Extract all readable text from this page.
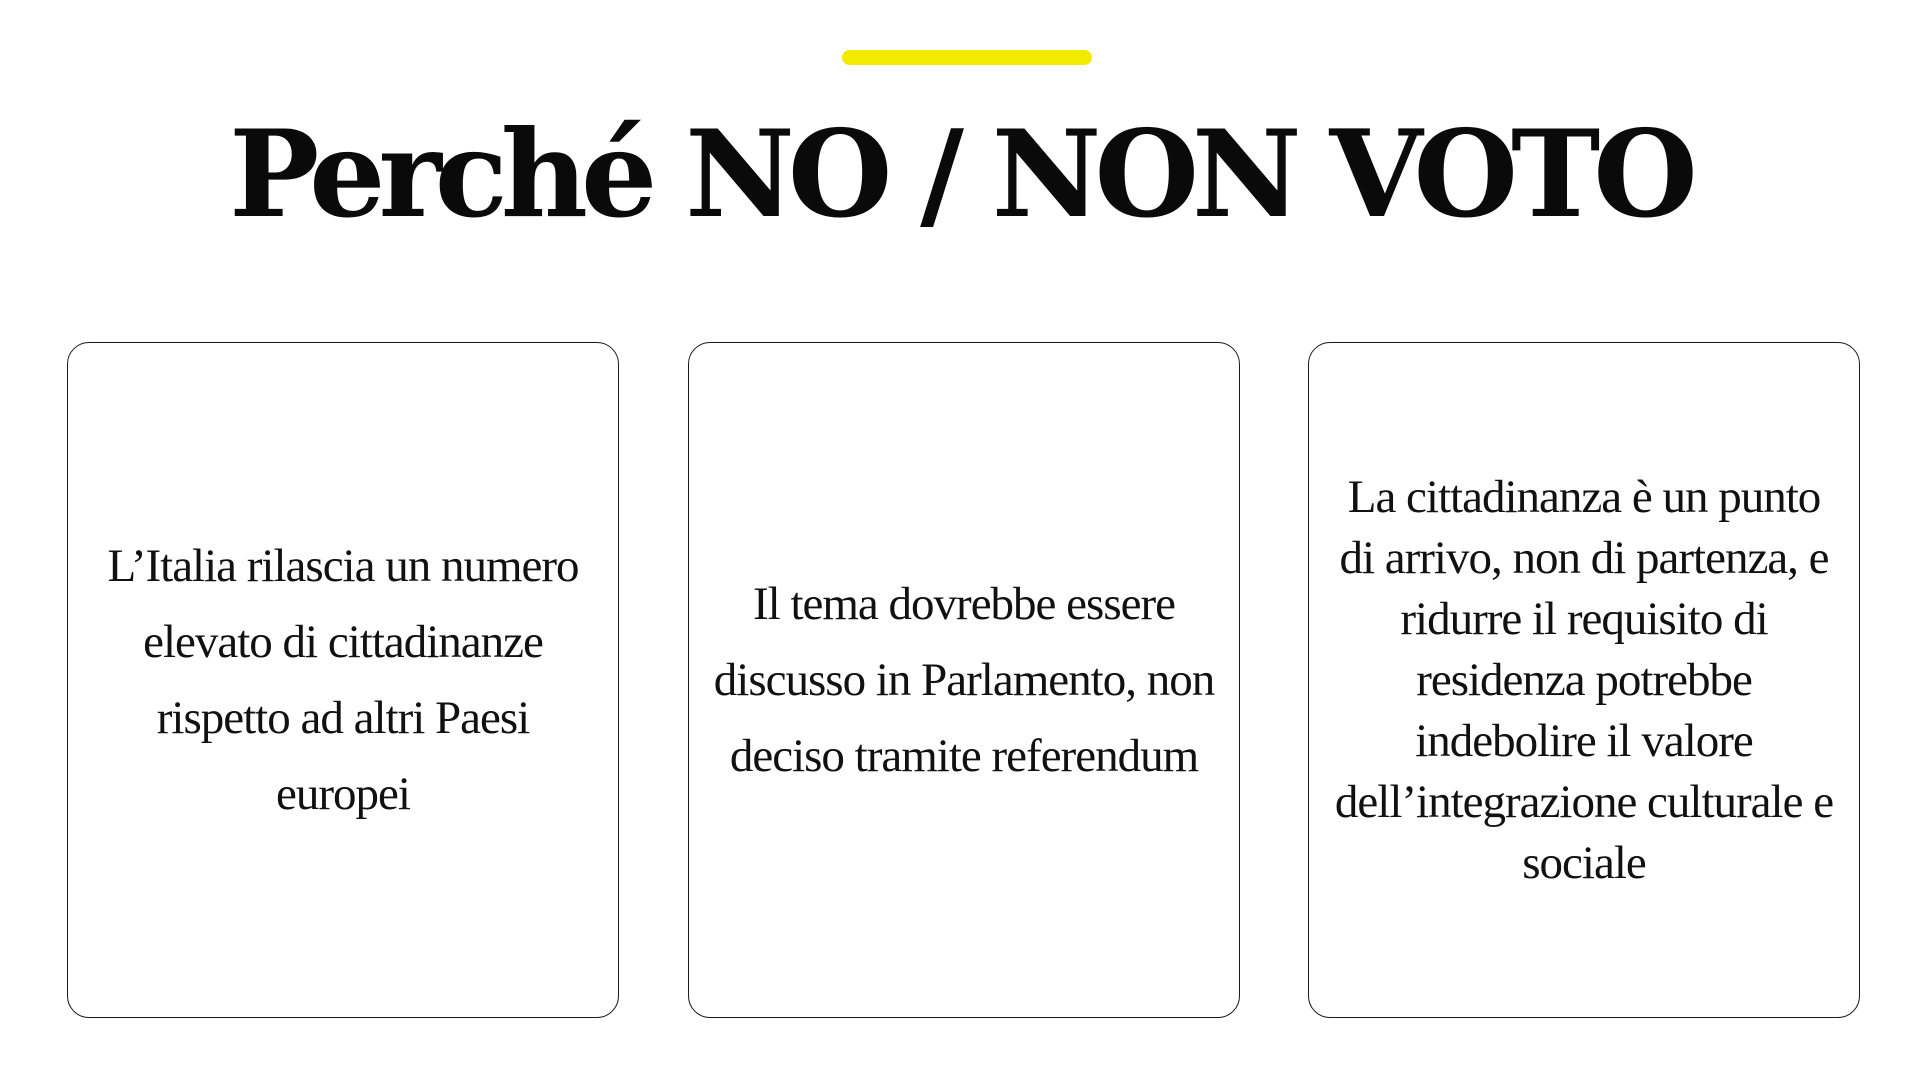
Perché NO / NON VOTO

L’Italia rilascia un numero elevato di cittadinanze rispetto ad altri Paesi europei

Il tema dovrebbe essere discusso in Parlamento, non deciso tramite referendum

La cittadinanza è un punto di arrivo, non di partenza, e ridurre il requisito di residenza potrebbe indebolire il valore dell’integrazione culturale e sociale
